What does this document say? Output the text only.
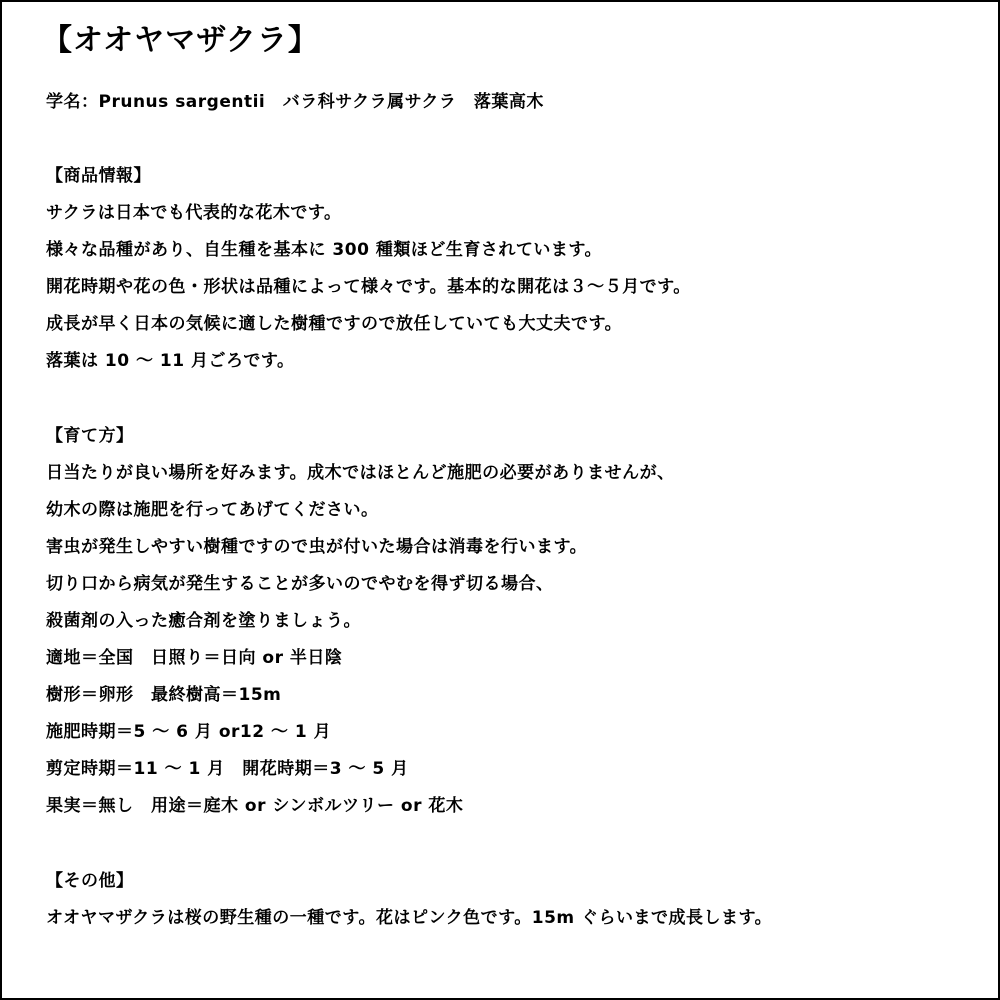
【オオヤマザクラ】
学名：Prunus sargentii　バラ科サクラ属サクラ　落葉高木
【商品情報】
サクラは日本でも代表的な花木です。
様々な品種があり、自生種を基本に 300 種類ほど生育されています。
開花時期や花の色・形状は品種によって様々です。基本的な開花は３～５月です。
成長が早く日本の気候に適した樹種ですので放任していても大丈夫です。
落葉は 10 ～ 11 月ごろです。
【育て方】
日当たりが良い場所を好みます。成木ではほとんど施肥の必要がありませんが、
幼木の際は施肥を行ってあげてください。
害虫が発生しやすい樹種ですので虫が付いた場合は消毒を行います。
切り口から病気が発生することが多いのでやむを得ず切る場合、
殺菌剤の入った癒合剤を塗りましょう。
適地＝全国　日照り＝日向 or 半日陰
樹形＝卵形　最終樹高＝15m
施肥時期＝5 ～ 6 月 or12 ～ 1 月
剪定時期＝11 ～ 1 月　開花時期＝3 ～ 5 月
果実＝無し　用途＝庭木 or シンボルツリー or 花木
【その他】
オオヤマザクラは桜の野生種の一種です。花はピンク色です。15m ぐらいまで成長します。
